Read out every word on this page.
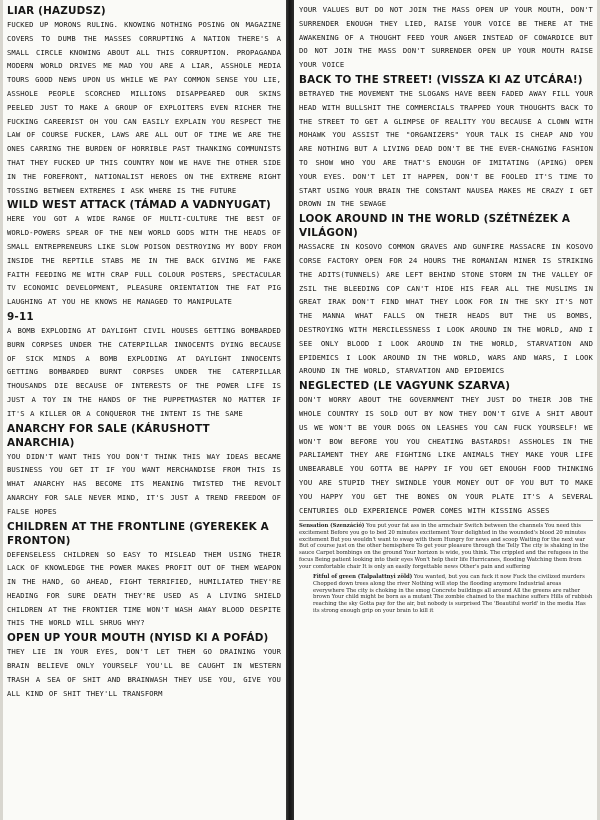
LIAR (HAZUDSZ)

FUCKED UP MORONS RULING. KNOWING NOTHING POSING ON MAGAZINE COVERS TO DUMB THE MASSES CORRUPTING A NATION THERE'S A SMALL CIRCLE KNOWING ABOUT ALL THIS CORRUPTION. PROPAGANDA MODERN WORLD DRIVES ME MAD YOU ARE A LIAR, ASSHOLE MEDIA TOURS GOOD NEWS UPON US WHILE WE PAY COMMON SENSE YOU LIE, ASSHOLE PEOPLE SCORCHED MILLIONS DISAPPEARED OUR SKINS PEELED JUST TO MAKE A GROUP OF EXPLOITERS EVEN RICHER THE FUCKING CAREERIST OH YOU CAN EASILY EXPLAIN YOU RESPECT THE LAW OF COURSE FUCKER, LAWS ARE ALL OUT OF TIME WE ARE THE ONES CARRING THE BURDEN OF HORRIBLE PAST THANKING COMMUNISTS THAT THEY FUCKED UP THIS COUNTRY NOW WE HAVE THE OTHER SIDE IN THE FOREFRONT, NATIONALIST HEROES ON THE EXTREME RIGHT TOSSING BETWEEN EXTREMES I ASK WHERE IS THE FUTURE

WILD WEST ATTACK (TÁMAD A VADNYUGAT)

HERE YOU GOT A WIDE RANGE OF MULTI-CULTURE THE BEST OF WORLD-POWERS SPEAR OF THE NEW WORLD GODS WITH THE HEADS OF SMALL ENTREPRENEURS LIKE SLOW POISON DESTROYING MY BODY FROM INSIDE THE REPTILE STABS ME IN THE BACK GIVING ME FAKE FAITH FEEDING ME WITH CRAP FULL COLOUR POSTERS, SPECTACULAR TV ECONOMIC DEVELOPMENT, PLEASURE ORIENTATION THE FAT PIG LAUGHING AT YOU HE KNOWS HE MANAGED TO MANIPULATE

9-11

A BOMB EXPLODING AT DAYLIGHT CIVIL HOUSES GETTING BOMBARDED BURN CORPSES UNDER THE CATERPILLAR INNOCENTS DYING BECAUSE OF SICK MINDS A BOMB EXPLODING AT DAYLIGHT INNOCENTS GETTING BOMBARDED BURNT CORPSES UNDER THE CATERPILLAR THOUSANDS DIE BECAUSE OF INTERESTS OF THE POWER LIFE IS JUST A TOY IN THE HANDS OF THE PUPPETMASTER NO MATTER IF IT'S A KILLER OR A CONQUEROR THE INTENT IS THE SAME

ANARCHY FOR SALE (KÁRUSHOTT ANARCHIA)

YOU DIDN'T WANT THIS YOU DON'T THINK THIS WAY IDEAS BECAME BUSINESS YOU GET IT IF YOU WANT MERCHANDISE FROM THIS IS WHAT ANARCHY HAS BECOME ITS MEANING TWISTED THE REVOLT ANARCHY FOR SALE NEVER MIND, IT'S JUST A TREND FREEDOM OF FALSE HOPES

CHILDREN AT THE FRONTLINE (GYEREKEK A FRONTON)

DEFENSELESS CHILDREN SO EASY TO MISLEAD THEM USING THEIR LACK OF KNOWLEDGE THE POWER MAKES PROFIT OUT OF THEM WEAPON IN THE HAND, GO AHEAD, FIGHT TERRIFIED, HUMILIATED THEY'RE HEADING FOR SURE DEATH THEY'RE USED AS A LIVING SHIELD CHILDREN AT THE FRONTIER TIME WON'T WASH AWAY BLOOD DESPITE THIS THE WORLD WILL SHRUG WHY?

OPEN UP YOUR MOUTH (NYISD KI A POFÁD)

THEY LIE IN YOUR EYES, DON'T LET THEM GO DRAINING YOUR BRAIN BELIEVE ONLY YOURSELF YOU'LL BE CAUGHT IN WESTERN TRASH A SEA OF SHIT AND BRAINWASH THEY USE YOU, GIVE YOU ALL KIND OF SHIT THEY'LL TRANSFORM

YOUR VALUES BUT DO NOT JOIN THE MASS OPEN UP YOUR MOUTH, DON'T SURRENDER ENOUGH THEY LIED, RAISE YOUR VOICE BE THERE AT THE AWAKENING OF A THOUGHT FEED YOUR ANGER INSTEAD OF COWARDICE BUT DO NOT JOIN THE MASS DON'T SURRENDER OPEN UP YOUR MOUTH RAISE YOUR VOICE

BACK TO THE STREET! (VISSZA KI AZ UTCÁRA!)

BETRAYED THE MOVEMENT THE SLOGANS HAVE BEEN FADED AWAY FILL YOUR HEAD WITH BULLSHIT THE COMMERCIALS TRAPPED YOUR THOUGHTS BACK TO THE STREET TO GET A GLIMPSE OF REALITY YOU BECAUSE A CLOWN WITH MOHAWK YOU ASSIST THE "ORGANIZERS" YOUR TALK IS CHEAP AND YOU ARE NOTHING BUT A LIVING DEAD DON'T BE THE EVER-CHANGING FASHION TO SHOW WHO YOU ARE THAT'S ENOUGH OF IMITATING (APING) OPEN YOUR EYES. DON'T LET IT HAPPEN, DON'T BE FOOLED IT'S TIME TO START USING YOUR BRAIN THE CONSTANT NAUSEA MAKES ME CRAZY I GET DROWN IN THE SEWAGE

LOOK AROUND IN THE WORLD (SZÉTNÉZEK A VILÁGON)

MASSACRE IN KOSOVO COMMON GRAVES AND GUNFIRE MASSACRE IN KOSOVO CORSE FACTORY OPEN FOR 24 HOURS THE ROMANIAN MINER IS STRIKING THE ADITS(TUNNELS) ARE LEFT BEHIND STONE STORM IN THE VALLEY OF ZSIL THE BLEEDING COP CAN'T HIDE HIS FEAR ALL THE MUSLIMS IN GREAT IRAK DON'T FIND WHAT THEY LOOK FOR IN THE SKY IT'S NOT THE MANNA WHAT FALLS ON THEIR HEADS BUT THE US BOMBS, DESTROYING WITH MERCILESSNESS I LOOK AROUND IN THE WORLD, AND I SEE ONLY BLOOD I LOOK AROUND IN THE WORLD, STARVATION AND EPIDEMICS I LOOK AROUND IN THE WORLD, WARS AND WARS, I LOOK AROUND IN THE WORLD, STARVATION AND EPIDEMICS

NEGLECTED (LE VAGYUNK SZARVA)

DON'T WORRY ABOUT THE GOVERNMENT THEY JUST DO THEIR JOB THE WHOLE COUNTRY IS SOLD OUT BY NOW THEY DON'T GIVE A SHIT ABOUT US WE WON'T BE YOUR DOGS ON LEASHES YOU CAN FUCK YOURSELF! WE WON'T BOW BEFORE YOU YOU CHEATING BASTARDS! ASSHOLES IN THE PARLIAMENT THEY ARE FIGHTING LIKE ANIMALS THEY MAKE YOUR LIFE UNBEARABLE YOU GOTTA BE HAPPY IF YOU GET ENOUGH FOOD THINKING YOU ARE STUPID THEY SWINDLE YOUR MONEY OUT OF YOU BUT TO MAKE YOU HAPPY YOU GET THE BONES ON YOUR PLATE IT'S A SEVERAL CENTURIES OLD EXPERIENCE POWER COMES WITH KISSING ASSES

Sensation (Szenzáció) You put your fat ass in the armchair Switch between the channels You need this excitement Before you go to bed 20 minutes excitement Your delighted in the wounded's blood 20 minutes excitement But you wouldn't want to swap with them Hungry for news and scoop Waiting for the next war But of course just on the other hemisphere To get your pleasure through the Telly The city is shaking in the sauce Carpet bombings on the ground Your horizon is wide, you think. The crippled and the refugees in the focus Being patient looking into their eyes Won't help their life Hurricanes, flooding Watching them from your comfortable chair It is only an easily forgettable news Other's pain and suffering
Fitful of green (Talpalattnyi zöld) You wanted, but you can fuck it now Fuck the civilized murders Chopped down trees along the river Nothing will stop the flooding anymore Industrial areas everywhere The city is choking in the smog Concrete buildings all around All the greens are rather brown Your child might be born as a mutant The zombie chained to the machine suffers Hills of rubbish reaching the sky Gotta pay for the air, but nobody is surprised The 'Beautiful world' in the media Has its strong enough grip on your brain to kill it
